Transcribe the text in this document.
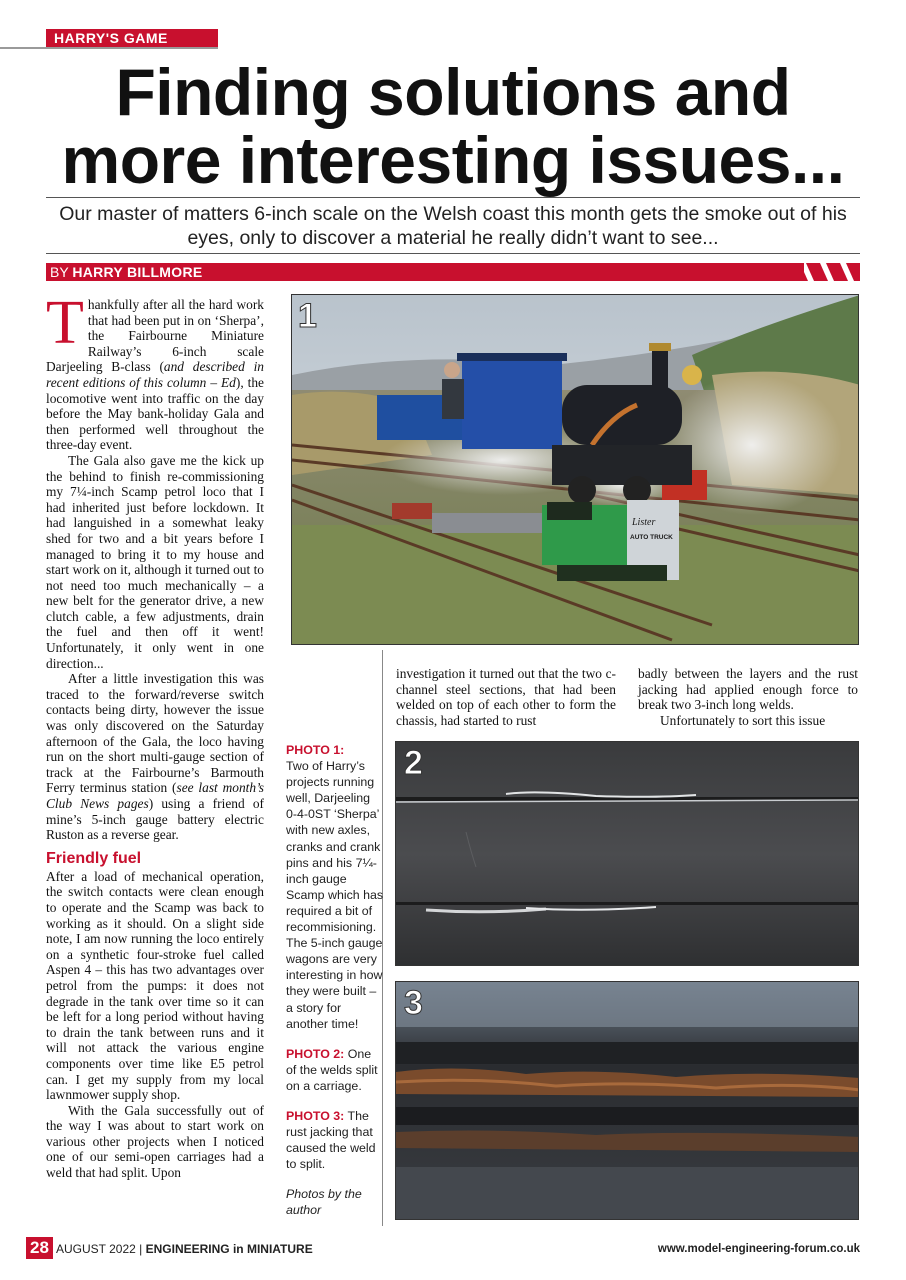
HARRY'S GAME
Finding solutions and
more interesting issues...
Our master of matters 6-inch scale on the Welsh coast this month gets the smoke out of his eyes, only to discover a material he really didn’t want to see...
BY HARRY BILLMORE

Thankfully after all the hard work that had been put in on ‘Sherpa’, the Fairbourne Miniature Railway’s 6-inch scale Darjeeling B-class (and described in recent editions of this column – Ed), the locomotive went into traffic on the day before the May bank-holiday Gala and then performed well throughout the three-day event.

The Gala also gave me the kick up the behind to finish re-commissioning my 7¼-inch Scamp petrol loco that I had inherited just before lockdown. It had languished in a somewhat leaky shed for two and a bit years before I managed to bring it to my house and start work on it, although it turned out to not need too much mechanically – a new belt for the generator drive, a new clutch cable, a few adjustments, drain the fuel and then off it went! Unfortunately, it only went in one direction...

After a little investigation this was traced to the forward/reverse switch contacts being dirty, however the issue was only discovered on the Saturday afternoon of the Gala, the loco having run on the short multi-gauge section of track at the Fairbourne’s Barmouth Ferry terminus station (see last month’s Club News pages) using a friend of mine’s 5-inch gauge battery electric Ruston as a reverse gear.

Friendly fuel

After a load of mechanical operation, the switch contacts were clean enough to operate and the Scamp was back to working as it should. On a slight side note, I am now running the loco entirely on a synthetic four-stroke fuel called Aspen 4 – this has two advantages over petrol from the pumps: it does not degrade in the tank over time so it can be left for a long period without having to drain the tank between runs and it will not attack the various engine components over time like E5 petrol can. I get my supply from my local lawnmower supply shop.

With the Gala successfully out of the way I was about to start work on various other projects when I noticed one of our semi-open carriages had a weld that had split. Upon

Lister
AUTO TRUCK
1

investigation it turned out that the two c-channel steel sections, that had been welded on top of each other to form the chassis, had started to rust

badly between the layers and the rust jacking had applied enough force to break two 3-inch long welds.

Unfortunately to sort this issue

PHOTO 1:
Two of Harry’s projects running well, Darjeeling 0-4-0ST ‘Sherpa’ with new axles, cranks and crank pins and his 7¼-inch gauge Scamp which has required a bit of recommisioning. The 5-inch gauge wagons are very interesting in how they were built – a story for another time!

PHOTO 2: One of the welds split on a carriage.

PHOTO 3: The rust jacking that caused the weld to split.

Photos by the author

2
3
28 AUGUST 2022 | ENGINEERING in MINIATURE	www.model-engineering-forum.co.uk
